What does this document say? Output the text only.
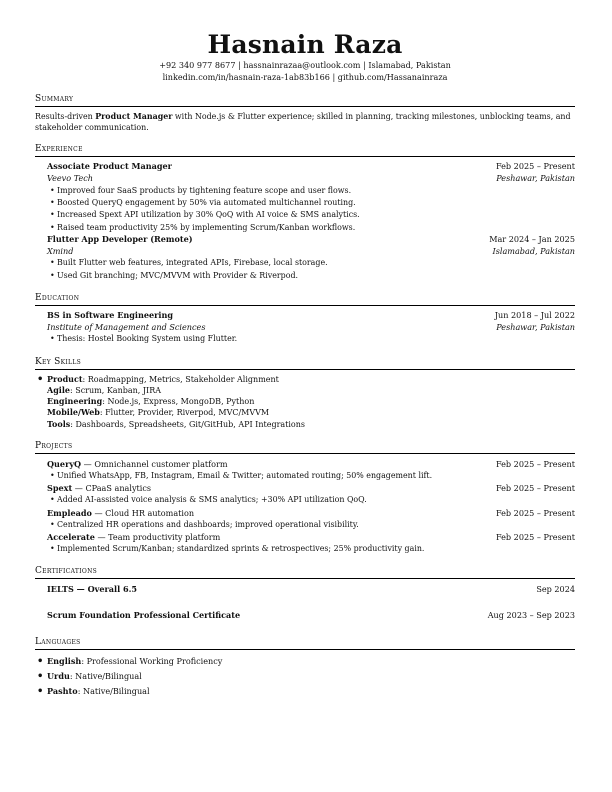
Hasnain Raza
+92 340 977 8677 | hassnainrazaa@outlook.com | Islamabad, Pakistan
linkedin.com/in/hasnain-raza-1ab83b166 | github.com/Hassanainraza
Summary
Results-driven Product Manager with Node.js & Flutter experience; skilled in planning, tracking milestones, unblocking teams, and stakeholder communication.
Experience
Associate Product Manager	Feb 2025 – Present
Veevo Tech	Peshawar, Pakistan
• Improved four SaaS products by tightening feature scope and user flows.
• Boosted QueryQ engagement by 50% via automated multichannel routing.
• Increased Spext API utilization by 30% QoQ with AI voice & SMS analytics.
• Raised team productivity 25% by implementing Scrum/Kanban workflows.
Flutter App Developer (Remote)	Mar 2024 – Jan 2025
Xmind	Islamabad, Pakistan
• Built Flutter web features, integrated APIs, Firebase, local storage.
• Used Git branching; MVC/MVVM with Provider & Riverpod.
Education
BS in Software Engineering	Jun 2018 – Jul 2022
Institute of Management and Sciences	Peshawar, Pakistan
• Thesis: Hostel Booking System using Flutter.
Key Skills
• Product: Roadmapping, Metrics, Stakeholder Alignment
Agile: Scrum, Kanban, JIRA
Engineering: Node.js, Express, MongoDB, Python
Mobile/Web: Flutter, Provider, Riverpod, MVC/MVVM
Tools: Dashboards, Spreadsheets, Git/GitHub, API Integrations
Projects
QueryQ — Omnichannel customer platform	Feb 2025 – Present
• Unified WhatsApp, FB, Instagram, Email & Twitter; automated routing; 50% engagement lift.
Spext — CPaaS analytics	Feb 2025 – Present
• Added AI-assisted voice analysis & SMS analytics; +30% API utilization QoQ.
Empleado — Cloud HR automation	Feb 2025 – Present
• Centralized HR operations and dashboards; improved operational visibility.
Accelerate — Team productivity platform	Feb 2025 – Present
• Implemented Scrum/Kanban; standardized sprints & retrospectives; 25% productivity gain.
Certifications
IELTS — Overall 6.5	Sep 2024
Scrum Foundation Professional Certificate	Aug 2023 – Sep 2023
Languages
• English: Professional Working Proficiency
• Urdu: Native/Bilingual
• Pashto: Native/Bilingual
